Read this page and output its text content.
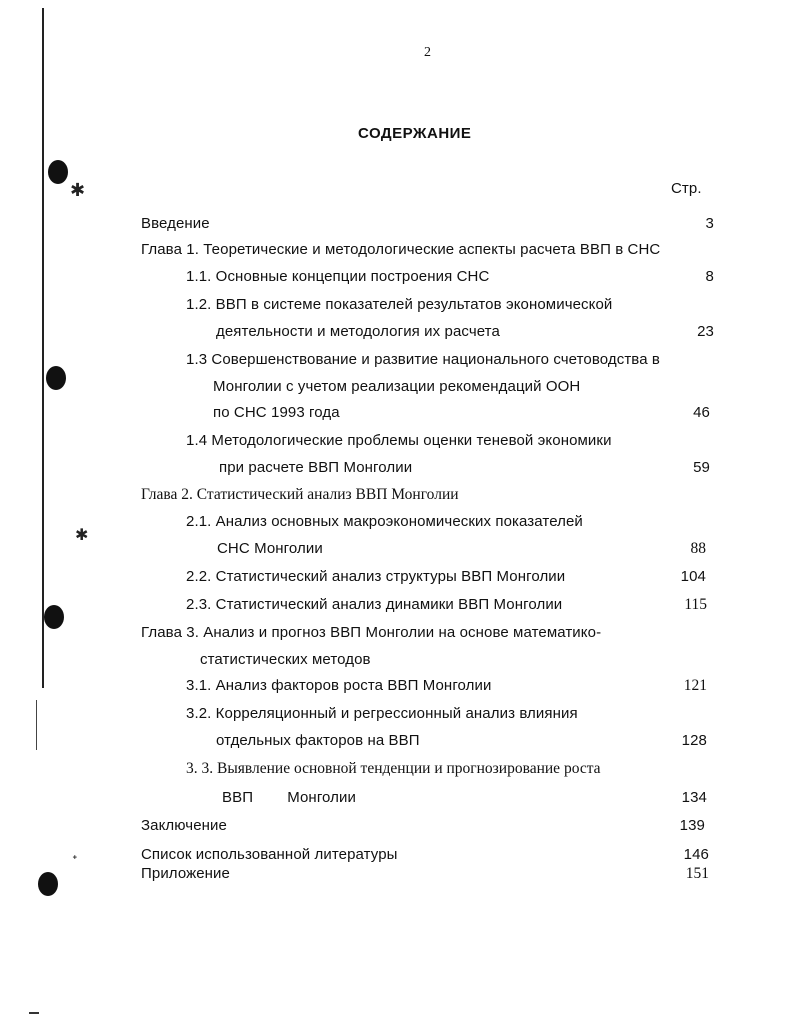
✱
✱
ᐩ
2
СОДЕРЖАНИЕ
Стр.
Введение	3
Глава 1. Теоретические и методологические аспекты расчета ВВП в СНС
1.1. Основные концепции построения СНС	8
1.2. ВВП в системе показателей результатов экономической
деятельности и методология их расчета	23
1.3 Совершенствование и развитие национального счетоводства в
Монголии с учетом реализации рекомендаций ООН
по СНС 1993 года	46
1.4 Методологические проблемы оценки теневой экономики
при расчете ВВП Монголии	59
Глава 2. Статистический анализ ВВП Монголии
2.1. Анализ основных макроэкономических показателей
СНС Монголии	88
2.2. Статистический анализ структуры ВВП Монголии	104
2.3. Статистический анализ динамики ВВП Монголии	115
Глава 3. Анализ и прогноз ВВП Монголии на основе математико-
статистических методов
3.1. Анализ факторов роста ВВП Монголии	121
3.2. Корреляционный и регрессионный анализ влияния
отдельных факторов на ВВП	128
3. 3. Выявление основной тенденции и прогнозирование роста
ВВП        Монголии	134
Заключение	139
Список использованной литературы	146
Приложение	151
